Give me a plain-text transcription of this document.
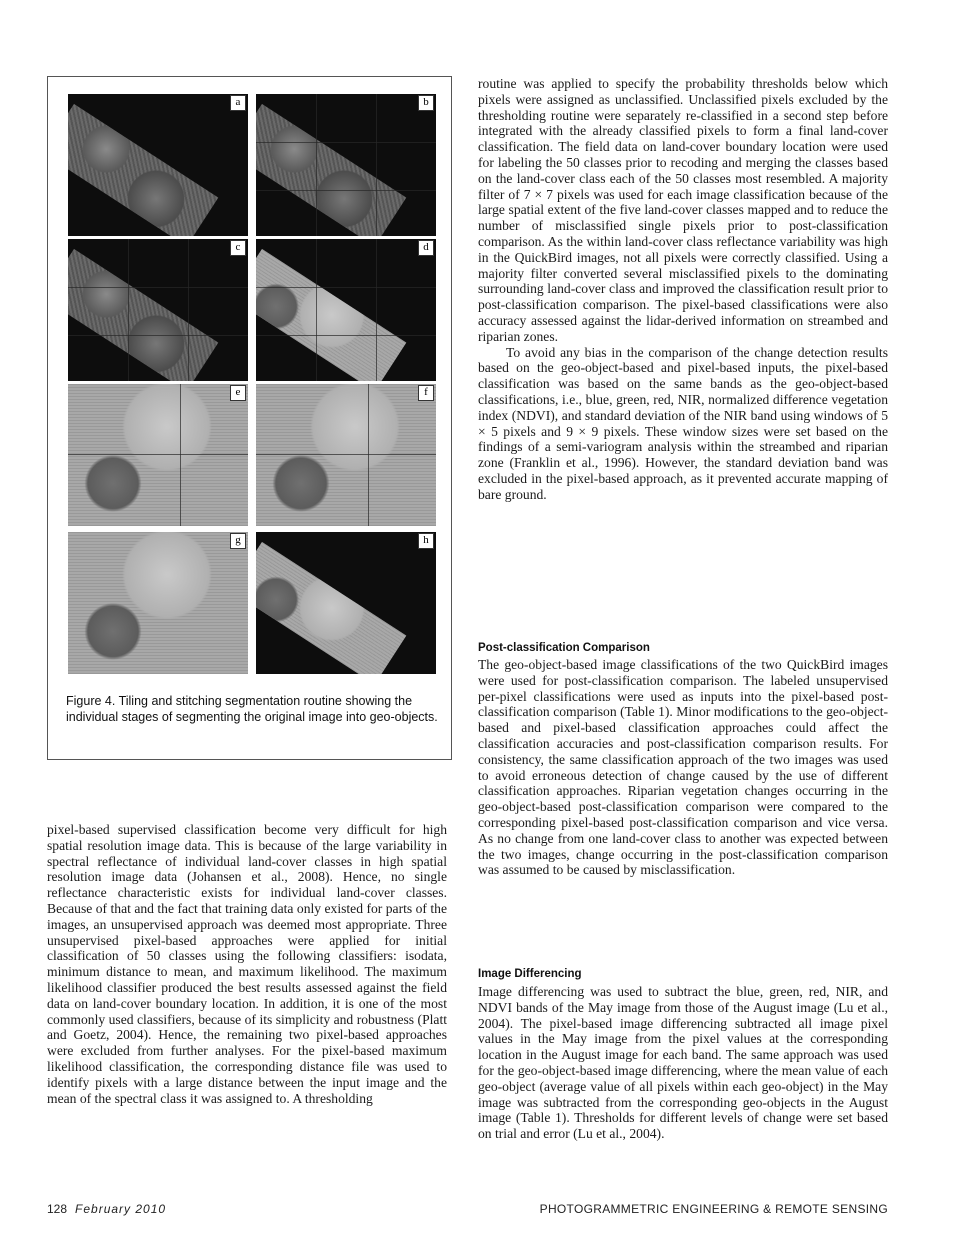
a	b
c	d
e	f
g	h
Figure 4. Tiling and stitching segmentation routine showing the individual stages of segmenting the original image into geo-objects.

pixel-based supervised classification become very difficult for high spatial resolution image data. This is because of the large variability in spectral reflectance of individual land-cover classes in high spatial resolution image data (Johansen et al., 2008). Hence, no single reflectance characteristic exists for individual land-cover classes. Because of that and the fact that training data only existed for parts of the images, an unsupervised approach was deemed most appropriate. Three unsupervised pixel-based approaches were applied for initial classification of 50 classes using the following classifiers: isodata, minimum distance to mean, and maximum likelihood. The maximum likelihood classifier produced the best results assessed against the field data on land-cover boundary location. In addition, it is one of the most commonly used classifiers, because of its simplicity and robustness (Platt and Goetz, 2004). Hence, the remaining two pixel-based approaches were excluded from further analyses. For the pixel-based maximum likelihood classification, the corresponding distance file was used to identify pixels with a large distance between the input image and the mean of the spectral class it was assigned to. A thresholding

routine was applied to specify the probability thresholds below which pixels were assigned as unclassified. Unclassified pixels excluded by the thresholding routine were separately re-classified in a second step before integrated with the already classified pixels to form a final land-cover classification. The field data on land-cover boundary location were used for labeling the 50 classes prior to recoding and merging the classes based on the land-cover class each of the 50 classes most resembled. A majority filter of 7 × 7 pixels was used for each image classification because of the large spatial extent of the five land-cover classes mapped and to reduce the number of misclassified single pixels prior to post-classification comparison. As the within land-cover class reflectance variability was high in the QuickBird images, not all pixels were correctly classified. Using a majority filter converted several misclassified pixels to the dominating surrounding land-cover class and improved the classification result prior to post-classification comparison. The pixel-based classifications were also accuracy assessed against the lidar-derived information on streambed and riparian zones.

To avoid any bias in the comparison of the change detection results based on the geo-object-based and pixel-based inputs, the pixel-based classification was based on the same bands as the geo-object-based classifications, i.e., blue, green, red, NIR, normalized difference vegetation index (NDVI), and standard deviation of the NIR band using windows of 5 × 5 pixels and 9 × 9 pixels. These window sizes were set based on the findings of a semi-variogram analysis within the streambed and riparian zone (Franklin et al., 1996). However, the standard deviation band was excluded in the pixel-based approach, as it prevented accurate mapping of bare ground.

Post-classification Comparison

The geo-object-based image classifications of the two QuickBird images were used for post-classification comparison. The labeled unsupervised per-pixel classifications were used as inputs into the pixel-based post-classification comparison (Table 1). Minor modifications to the geo-object-based and pixel-based classification approaches could affect the classification accuracies and post-classification comparison results. For consistency, the same classification approach of the two images was used to avoid erroneous detection of change caused by the use of different classification approaches. Riparian vegetation changes occurring in the geo-object-based post-classification comparison were compared to the corresponding pixel-based post-classification comparison and vice versa. As no change from one land-cover class to another was expected between the two images, change occurring in the post-classification comparison was assumed to be caused by misclassification.

Image Differencing

Image differencing was used to subtract the blue, green, red, NIR, and NDVI bands of the May image from those of the August image (Lu et al., 2004). The pixel-based image differencing subtracted all image pixel values in the May image from the pixel values at the corresponding location in the August image for each band. The same approach was used for the geo-object-based image differencing, where the mean value of each geo-object (average value of all pixels within each geo-object) in the May image was subtracted from the corresponding geo-objects in the August image (Table 1). Thresholds for different levels of change were set based on trial and error (Lu et al., 2004).

128 February 2010	PHOTOGRAMMETRIC ENGINEERING & REMOTE SENSING
